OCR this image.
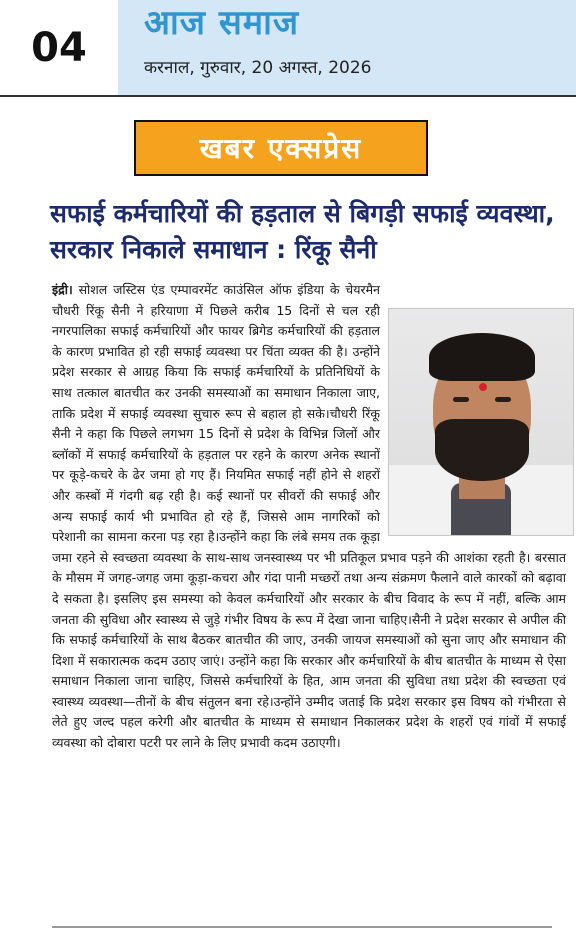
04
आज समाज
करनाल, गुरुवार, 20 अगस्त, 2026
खबर एक्सप्रेस
सफाई कर्मचारियों की हड़ताल से बिगड़ी सफाई व्यवस्था, सरकार निकाले समाधान : रिंकू सैनी
इंद्री। सोशल जस्टिस एंड एम्पावरमेंट काउंसिल ऑफ इंडिया के चेयरमैन चौधरी रिंकू सैनी ने हरियाणा में पिछले करीब 15 दिनों से चल रही नगरपालिका सफाई कर्मचारियों और फायर ब्रिगेड कर्मचारियों की हड़ताल के कारण प्रभावित हो रही सफाई व्यवस्था पर चिंता व्यक्त की है। उन्होंने प्रदेश सरकार से आग्रह किया कि सफाई कर्मचारियों के प्रतिनिधियों के साथ तत्काल बातचीत कर उनकी समस्याओं का समाधान निकाला जाए, ताकि प्रदेश में सफाई व्यवस्था सुचारु रूप से बहाल हो सके।चौधरी रिंकू सैनी ने कहा कि पिछले लगभग 15 दिनों से प्रदेश के विभिन्न जिलों और ब्लॉकों में सफाई कर्मचारियों के हड़ताल पर रहने के कारण अनेक स्थानों पर कूड़े-कचरे के ढेर जमा हो गए हैं। नियमित सफाई नहीं होने से शहरों और कस्बों में गंदगी बढ़ रही है। कई स्थानों पर सीवरों की सफाई और अन्य सफाई कार्य भी प्रभावित हो रहे हैं, जिससे आम नागरिकों को परेशानी का सामना करना पड़ रहा है।उन्होंने कहा कि लंबे समय तक कूड़ा जमा रहने से स्वच्छता व्यवस्था के साथ-साथ जनस्वास्थ्य पर भी प्रतिकूल प्रभाव पड़ने की आशंका रहती है। बरसात के मौसम में जगह-जगह जमा कूड़ा-कचरा और गंदा पानी मच्छरों तथा अन्य संक्रमण फैलाने वाले कारकों को बढ़ावा दे सकता है। इसलिए इस समस्या को केवल कर्मचारियों और सरकार के बीच विवाद के रूप में नहीं, बल्कि आम जनता की सुविधा और स्वास्थ्य से जुड़े गंभीर विषय के रूप में देखा जाना चाहिए।सैनी ने प्रदेश सरकार से अपील की कि सफाई कर्मचारियों के साथ बैठकर बातचीत की जाए, उनकी जायज समस्याओं को सुना जाए और समाधान की दिशा में सकारात्मक कदम उठाए जाएं। उन्होंने कहा कि सरकार और कर्मचारियों के बीच बातचीत के माध्यम से ऐसा समाधान निकाला जाना चाहिए, जिससे कर्मचारियों के हित, आम जनता की सुविधा तथा प्रदेश की स्वच्छता एवं स्वास्थ्य व्यवस्था—तीनों के बीच संतुलन बना रहे।उन्होंने उम्मीद जताई कि प्रदेश सरकार इस विषय को गंभीरता से लेते हुए जल्द पहल करेगी और बातचीत के माध्यम से समाधान निकालकर प्रदेश के शहरों एवं गांवों में सफाई व्यवस्था को दोबारा पटरी पर लाने के लिए प्रभावी कदम उठाएगी।
